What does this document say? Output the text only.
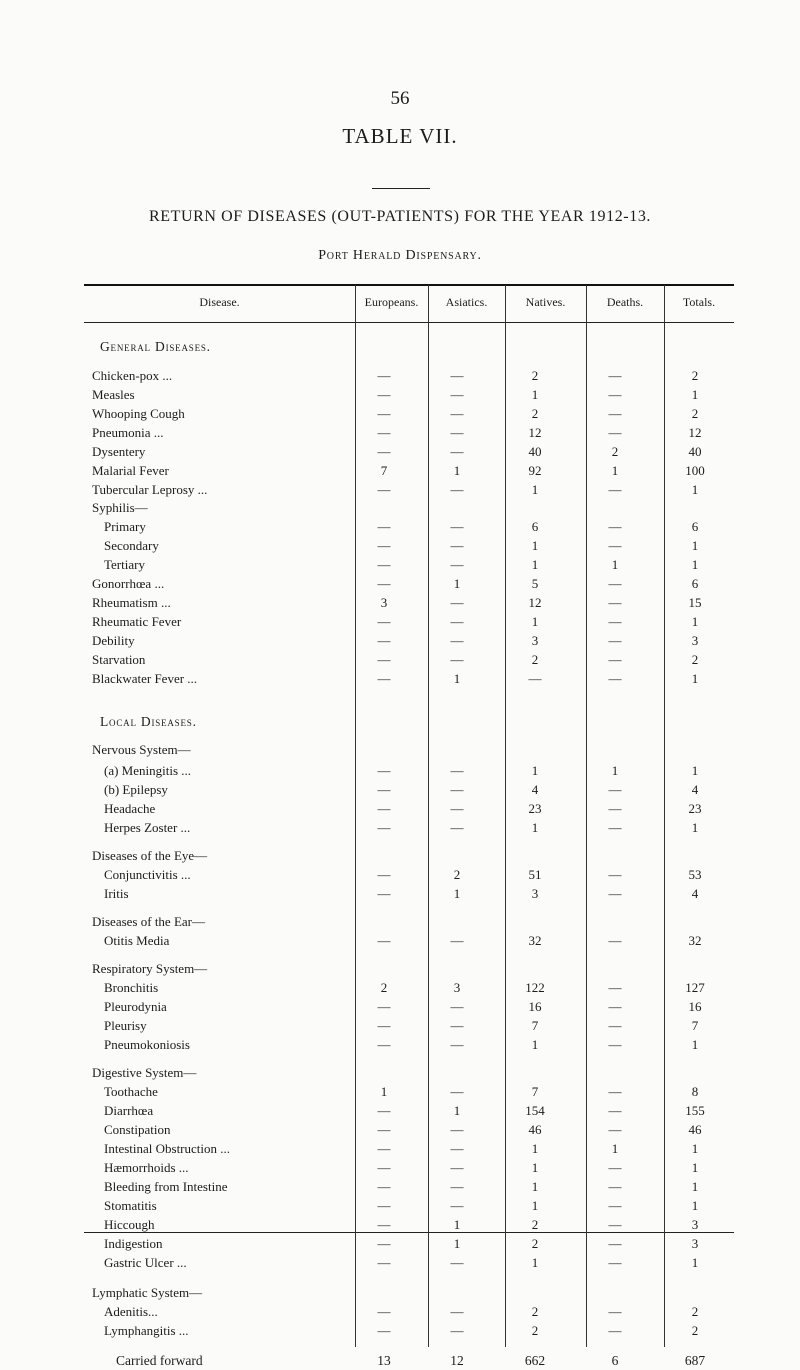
56
TABLE VII.
RETURN OF DISEASES (OUT-PATIENTS) FOR THE YEAR 1912-13.
Port Herald Dispensary.
Disease.	Europeans.	Asiatics.	Natives.	Deaths.	Totals.
General Diseases.
Chicken-pox ...	—	—	2	—	2
Measles	—	—	1	—	1
Whooping Cough	—	—	2	—	2
Pneumonia ...	—	—	12	—	12
Dysentery	—	—	40	2	40
Malarial Fever	7	1	92	1	100
Tubercular Leprosy ...	—	—	1	—	1
Syphilis—
Primary	—	—	6	—	6
Secondary	—	—	1	—	1
Tertiary	—	—	1	1	1
Gonorrhœa ...	—	1	5	—	6
Rheumatism ...	3	—	12	—	15
Rheumatic Fever	—	—	1	—	1
Debility	—	—	3	—	3
Starvation	—	—	2	—	2
Blackwater Fever ...	—	1	—	—	1
Local Diseases.
Nervous System—
(a) Meningitis ...	—	—	1	1	1
(b) Epilepsy	—	—	4	—	4
Headache	—	—	23	—	23
Herpes Zoster ...	—	—	1	—	1
Diseases of the Eye—
Conjunctivitis ...	—	2	51	—	53
Iritis	—	1	3	—	4
Diseases of the Ear—
Otitis Media	—	—	32	—	32
Respiratory System—
Bronchitis	2	3	122	—	127
Pleurodynia	—	—	16	—	16
Pleurisy	—	—	7	—	7
Pneumokoniosis	—	—	1	—	1
Digestive System—
Toothache	1	—	7	—	8
Diarrhœa	—	1	154	—	155
Constipation	—	—	46	—	46
Intestinal Obstruction ...	—	—	1	1	1
Hæmorrhoids ...	—	—	1	—	1
Bleeding from Intestine	—	—	1	—	1
Stomatitis	—	—	1	—	1
Hiccough	—	1	2	—	3
Indigestion	—	1	2	—	3
Gastric Ulcer ...	—	—	1	—	1
Lymphatic System—
Adenitis...	—	—	2	—	2
Lymphangitis ...	—	—	2	—	2
Carried forward	13	12	662	6	687
